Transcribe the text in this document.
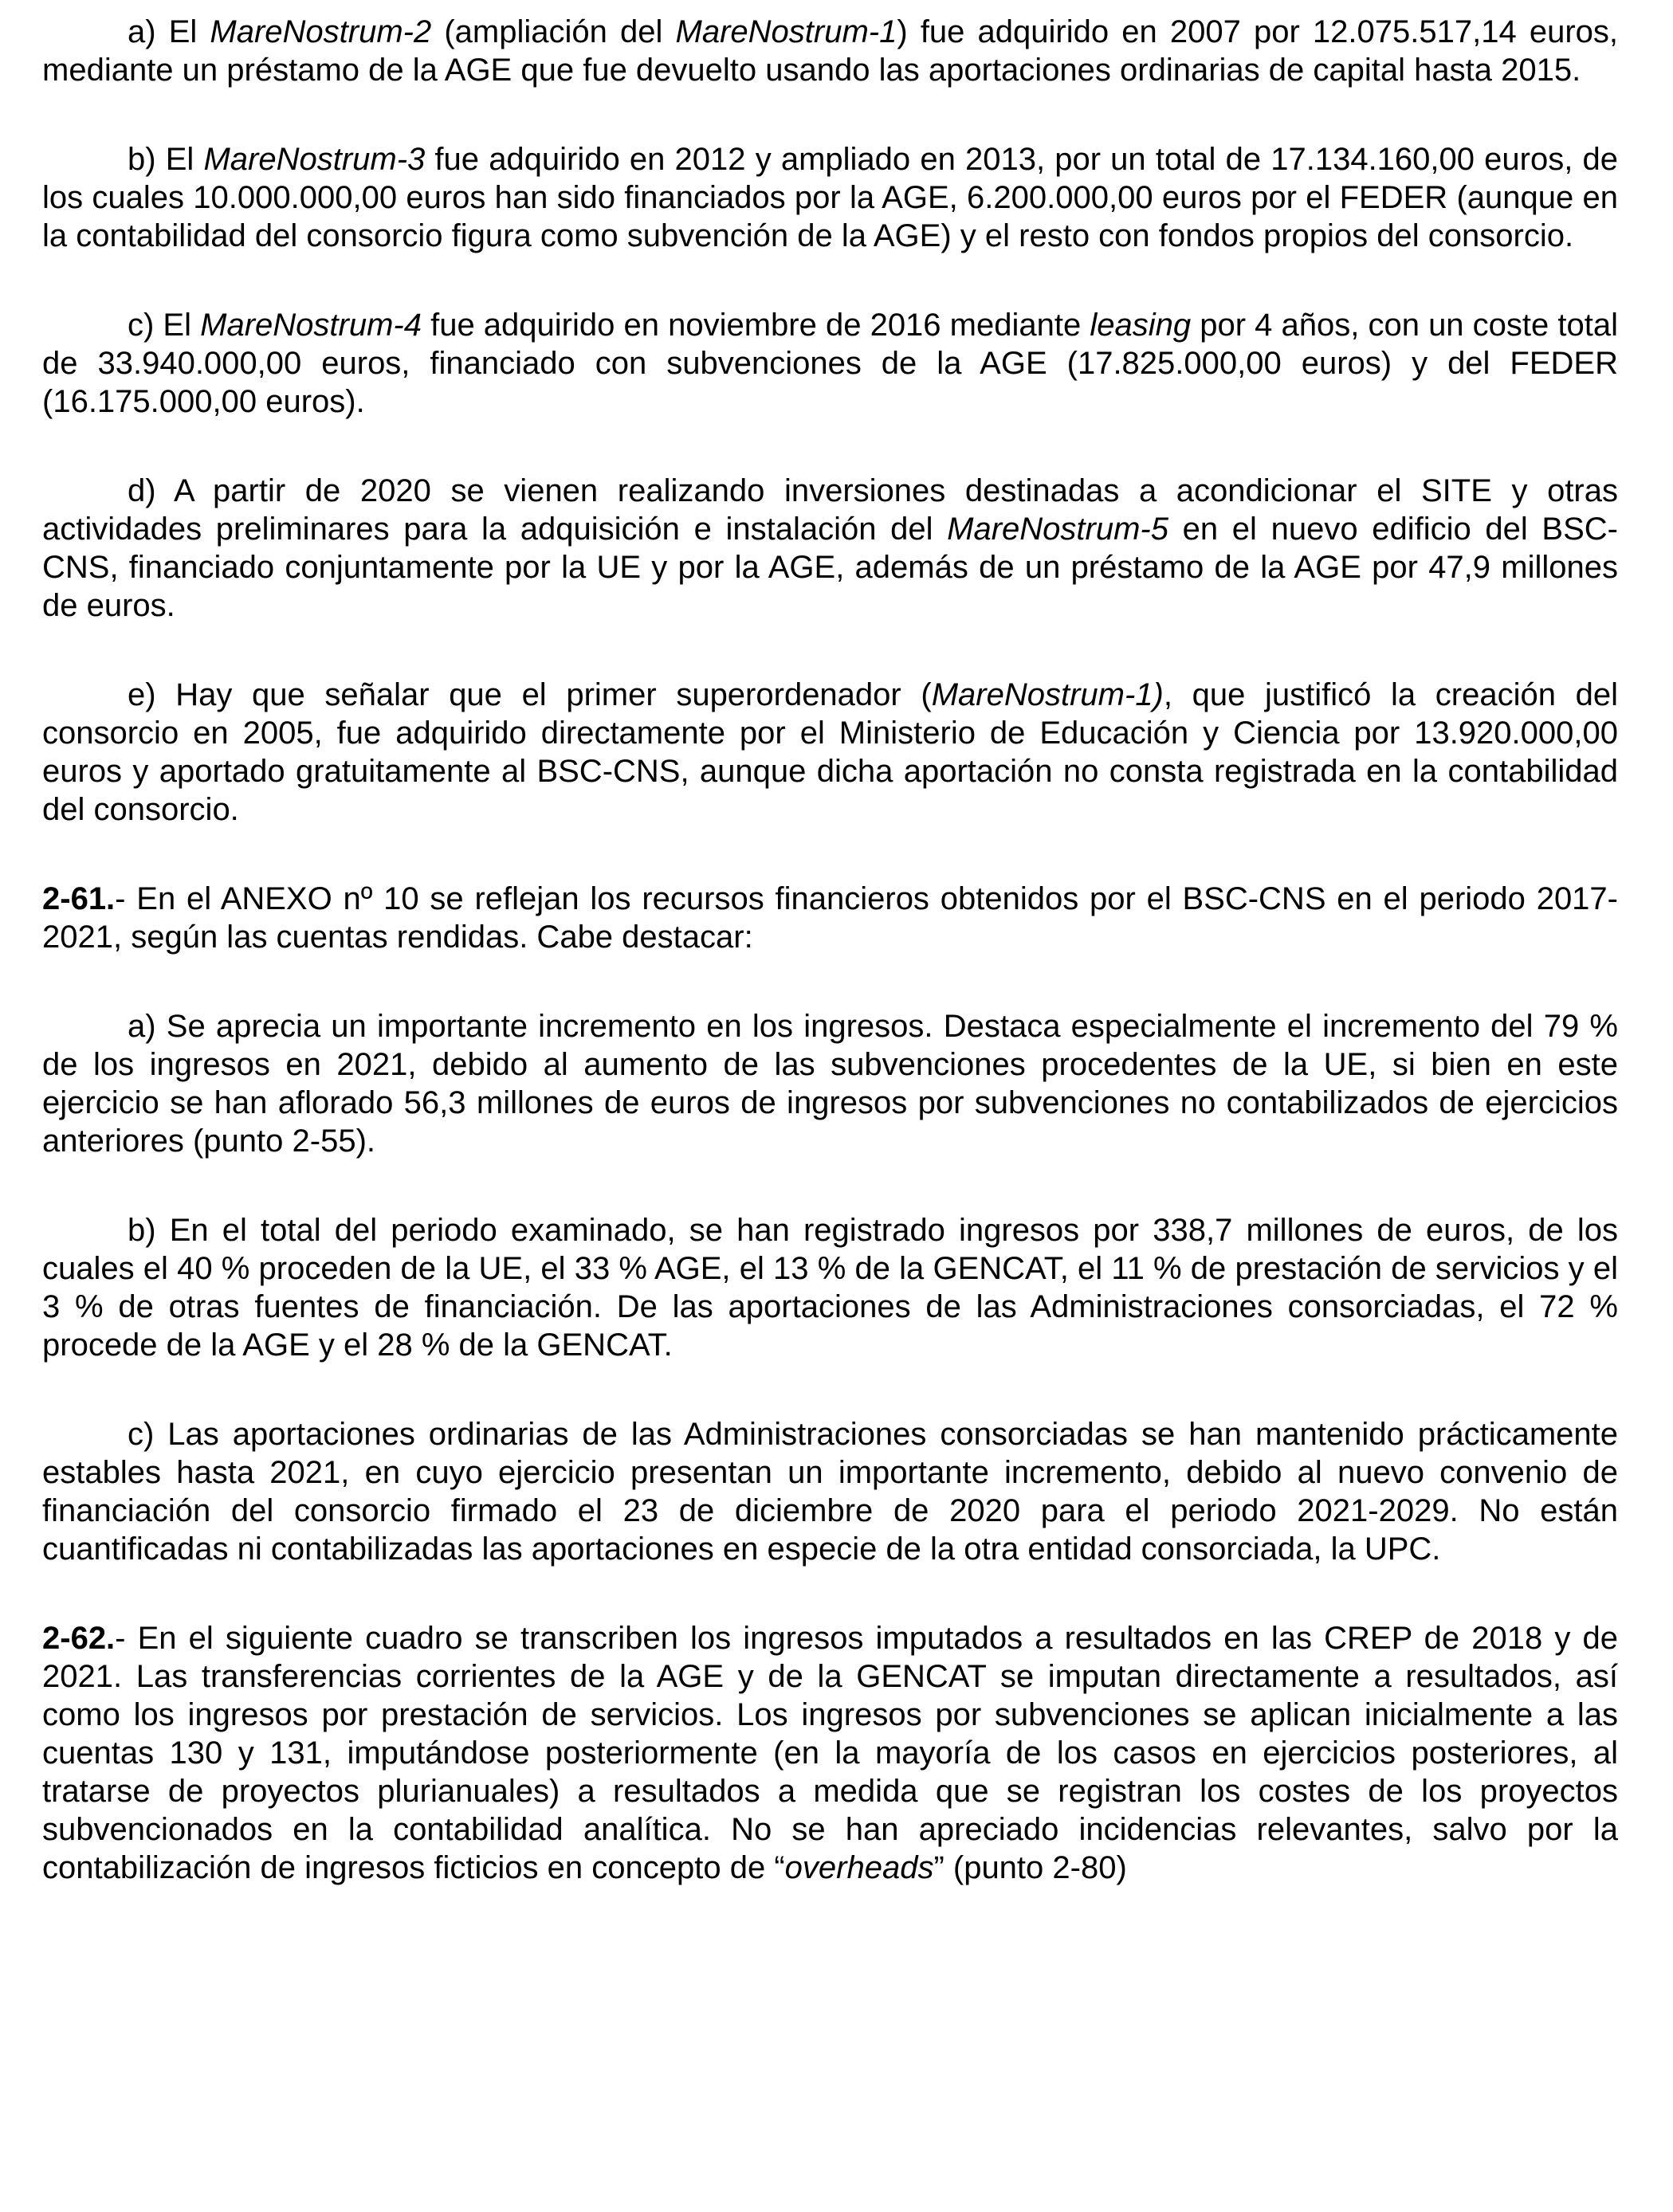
a) El MareNostrum-2 (ampliación del MareNostrum-1) fue adquirido en 2007 por 12.075.517,14 euros, mediante un préstamo de la AGE que fue devuelto usando las aportaciones ordinarias de capital hasta 2015.

b) El MareNostrum-3 fue adquirido en 2012 y ampliado en 2013, por un total de 17.134.160,00 euros, de los cuales 10.000.000,00 euros han sido financiados por la AGE, 6.200.000,00 euros por el FEDER (aunque en la contabilidad del consorcio figura como subvención de la AGE) y el resto con fondos propios del consorcio.

c) El MareNostrum-4 fue adquirido en noviembre de 2016 mediante leasing por 4 años, con un coste total de 33.940.000,00 euros, financiado con subvenciones de la AGE (17.825.000,00 euros) y del FEDER (16.175.000,00 euros).

d) A partir de 2020 se vienen realizando inversiones destinadas a acondicionar el SITE y otras actividades preliminares para la adquisición e instalación del MareNostrum-5 en el nuevo edificio del BSC-CNS, financiado conjuntamente por la UE y por la AGE, además de un préstamo de la AGE por 47,9 millones de euros.

e) Hay que señalar que el primer superordenador (MareNostrum-1), que justificó la creación del consorcio en 2005, fue adquirido directamente por el Ministerio de Educación y Ciencia por 13.920.000,00 euros y aportado gratuitamente al BSC-CNS, aunque dicha aportación no consta registrada en la contabilidad del consorcio.

2-61.- En el ANEXO nº 10 se reflejan los recursos financieros obtenidos por el BSC-CNS en el periodo 2017-2021, según las cuentas rendidas. Cabe destacar:

a) Se aprecia un importante incremento en los ingresos. Destaca especialmente el incremento del 79 % de los ingresos en 2021, debido al aumento de las subvenciones procedentes de la UE, si bien en este ejercicio se han aflorado 56,3 millones de euros de ingresos por subvenciones no contabilizados de ejercicios anteriores (punto 2-55).

b) En el total del periodo examinado, se han registrado ingresos por 338,7 millones de euros, de los cuales el 40 % proceden de la UE, el 33 % AGE, el 13 % de la GENCAT, el 11 % de prestación de servicios y el 3 % de otras fuentes de financiación. De las aportaciones de las Administraciones consorciadas, el 72 % procede de la AGE y el 28 % de la GENCAT.

c) Las aportaciones ordinarias de las Administraciones consorciadas se han mantenido prácticamente estables hasta 2021, en cuyo ejercicio presentan un importante incremento, debido al nuevo convenio de financiación del consorcio firmado el 23 de diciembre de 2020 para el periodo 2021-2029. No están cuantificadas ni contabilizadas las aportaciones en especie de la otra entidad consorciada, la UPC.

2-62.- En el siguiente cuadro se transcriben los ingresos imputados a resultados en las CREP de 2018 y de 2021. Las transferencias corrientes de la AGE y de la GENCAT se imputan directamente a resultados, así como los ingresos por prestación de servicios. Los ingresos por subvenciones se aplican inicialmente a las cuentas 130 y 131, imputándose posteriormente (en la mayoría de los casos en ejercicios posteriores, al tratarse de proyectos plurianuales) a resultados a medida que se registran los costes de los proyectos subvencionados en la contabilidad analítica. No se han apreciado incidencias relevantes, salvo por la contabilización de ingresos ficticios en concepto de “overheads” (punto 2-80)
